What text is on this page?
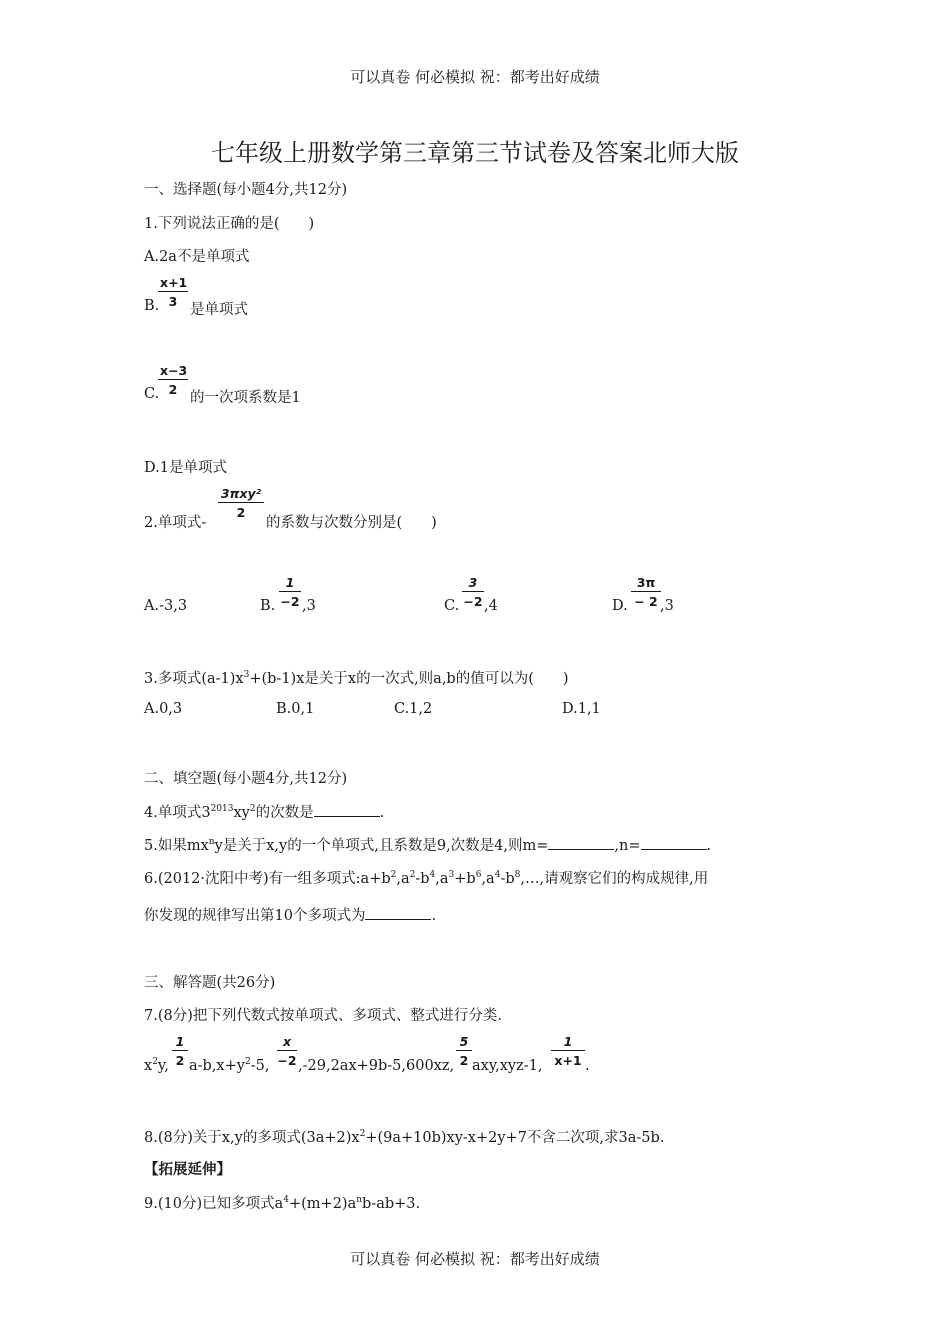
可以真卷 何必模拟 祝：都考出好成绩
七年级上册数学第三章第三节试卷及答案北师大版
一、选择题(每小题4分,共12分)
1.下列说法正确的是(　　)
A.2a不是单项式
B.
$\frac{x+1}{3}$
是单项式
C.
$\frac{x-3}{2}$
的一次项系数是1
D.1是单项式
2.单项式-
3πxy²
2
的系数与次数分别是(　　)
A.-3,3	B. $\frac{1}{-2} ,3$	C. $\frac{3}{-2} ,4$	D. $\frac{3\pi}{- 2} ,3$
3.多项式$(a-1)x^3+(b-1)x$是关于x的一次式,则a,b的值可以为(　　)
A.0,3	B.0,1	C.1,2	D.1,1
二、填空题(每小题4分,共12分)
4.单项式$3^{2013}xy^2$的次数是	.
5.如果$mx^ny$是关于x,y的一个单项式,且系数是9,次数是4,则m=	,n=	.
6.(2012·沈阳中考)有一组多项式$:a+b^2,a^2-b^4,a^3+b^6,a^4-b^8,\dots$,请观察它们的构成规律,用
你发现的规律写出第10个多项式为	.
三、解答题(共26分)
7.(8分)把下列代数式按单项式、多项式、整式进行分类.
$x^2y$, $\frac{1}{2} a-b,x+y^2-5$, $\frac{x}{-2} ,-29,2ax+9b-5,600xz$, $\frac{5}{2} axy,xyz-1$, $\frac{1}{x+1}$ .
8.(8分)关于x,y的多项式$(3a+2)x^2+(9a+10b)xy-x+2y+7$不含二次项,求3a-5b.
【拓展延伸】
9.(10分)已知多项式$a^4+(m+2)a^nb-ab+3$.
可以真卷 何必模拟 祝：都考出好成绩
